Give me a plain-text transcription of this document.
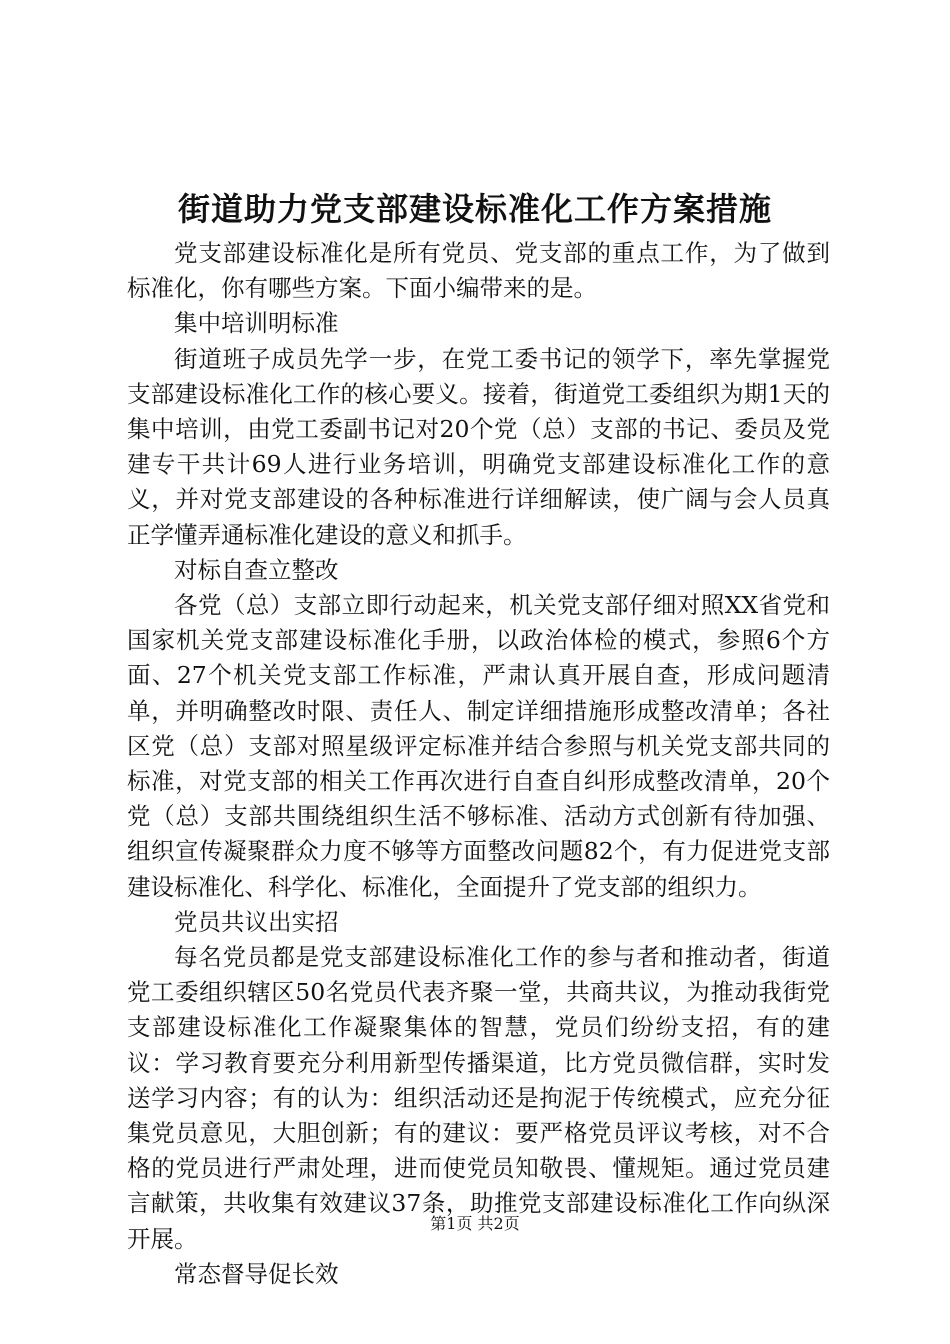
街道助力党支部建设标准化工作方案措施

党支部建设标准化是所有党员、党支部的重点工作，为了做到标准化，你有哪些方案。下面小编带来的是。

集中培训明标准

街道班子成员先学一步，在党工委书记的领学下，率先掌握党支部建设标准化工作的核心要义。接着，街道党工委组织为期1天的集中培训，由党工委副书记对20个党（总）支部的书记、委员及党建专干共计69人进行业务培训，明确党支部建设标准化工作的意义，并对党支部建设的各种标准进行详细解读，使广阔与会人员真正学懂弄通标准化建设的意义和抓手。

对标自查立整改

各党（总）支部立即行动起来，机关党支部仔细对照XX省党和国家机关党支部建设标准化手册，以政治体检的模式，参照6个方面、27个机关党支部工作标准，严肃认真开展自查，形成问题清单，并明确整改时限、责任人、制定详细措施形成整改清单；各社区党（总）支部对照星级评定标准并结合参照与机关党支部共同的标准，对党支部的相关工作再次进行自查自纠形成整改清单，20个党（总）支部共围绕组织生活不够标准、活动方式创新有待加强、组织宣传凝聚群众力度不够等方面整改问题82个，有力促进党支部建设标准化、科学化、标准化，全面提升了党支部的组织力。

党员共议出实招

每名党员都是党支部建设标准化工作的参与者和推动者，街道党工委组织辖区50名党员代表齐聚一堂，共商共议，为推动我街党支部建设标准化工作凝聚集体的智慧，党员们纷纷支招，有的建议：学习教育要充分利用新型传播渠道，比方党员微信群，实时发送学习内容；有的认为：组织活动还是拘泥于传统模式，应充分征集党员意见，大胆创新；有的建议：要严格党员评议考核，对不合格的党员进行严肃处理，进而使党员知敬畏、懂规矩。通过党员建言献策，共收集有效建议37条，助推党支部建设标准化工作向纵深开展。

常态督导促长效

第1页 共2页
